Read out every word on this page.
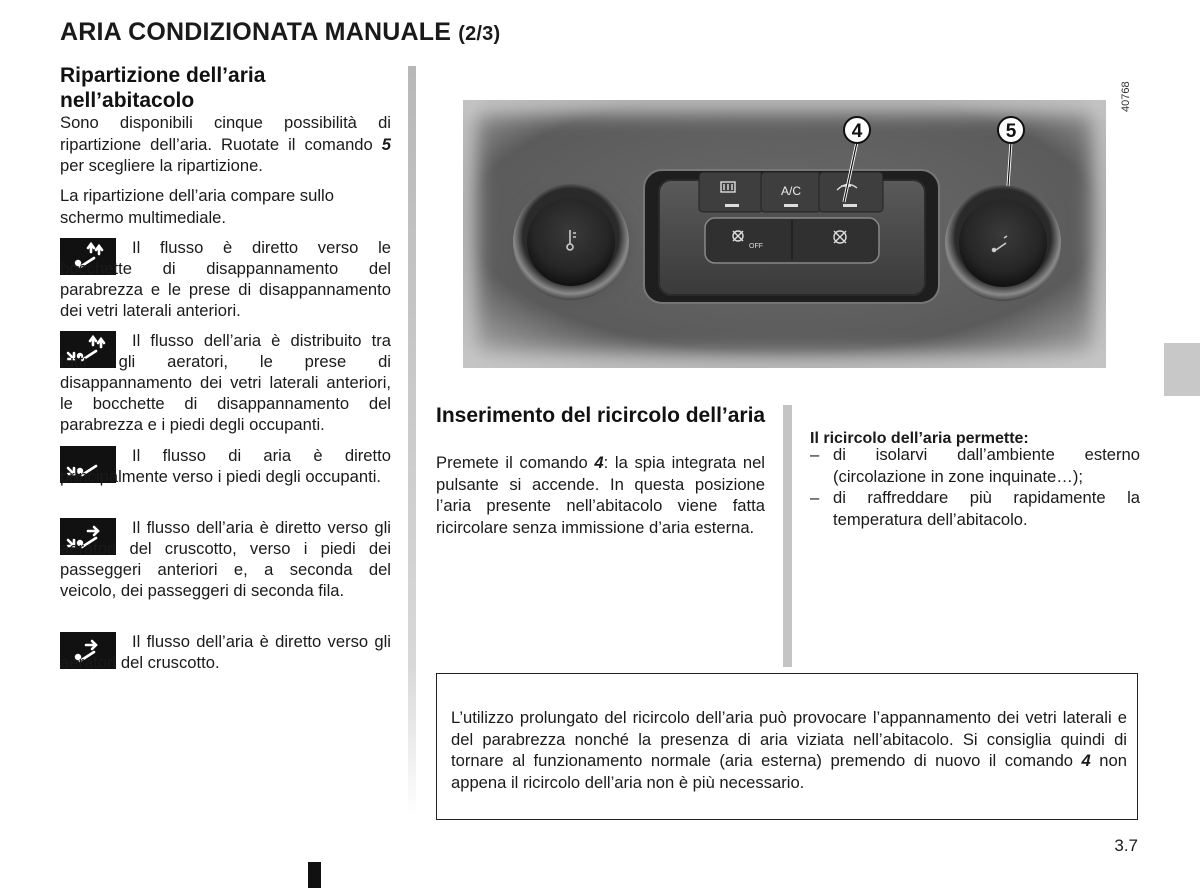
ARIA CONDIZIONATA MANUALE (2/3)
Ripartizione dell’aria nell’abitacolo
Sono disponibili cinque possibilità di ripartizione dell’aria. Ruotate il comando 5 per scegliere la ripartizione.
La ripartizione dell’aria compare sullo schermo multimediale.
Il flusso è diretto verso le bocchette di disappannamento del parabrezza e le prese di disappannamento dei vetri laterali anteriori.
Il flusso dell’aria è distribuito tra tutti gli aeratori, le prese di disappannamento dei vetri laterali anteriori, le bocchette di disappannamento del parabrezza e i piedi degli occupanti.
Il flusso di aria è diretto principalmente verso i piedi degli occupanti.
Il flusso dell’aria è diretto verso gli aeratori del cruscotto, verso i piedi dei passeggeri anteriori e, a seconda del veicolo, dei passeggeri di seconda fila.
Il flusso dell’aria è diretto verso gli aeratori del cruscotto.
40768
A/C
OFF
4	5
Inserimento del ricircolo dell’aria
Premete il comando 4: la spia integrata nel pulsante si accende. In questa posizione l’aria presente nell’abitacolo viene fatta ricircolare senza immissione d’aria esterna.
Il ricircolo dell’aria permette:
– di isolarvi dall’ambiente esterno (circolazione in zone inquinate…);
– di raffreddare più rapidamente la temperatura dell’abitacolo.
L’utilizzo prolungato del ricircolo dell’aria può provocare l’appannamento dei vetri laterali e del parabrezza nonché la presenza di aria viziata nell’abitacolo. Si consiglia quindi di tornare al funzionamento normale (aria esterna) premendo di nuovo il comando 4 non appena il ricircolo dell’aria non è più necessario.
3.7
